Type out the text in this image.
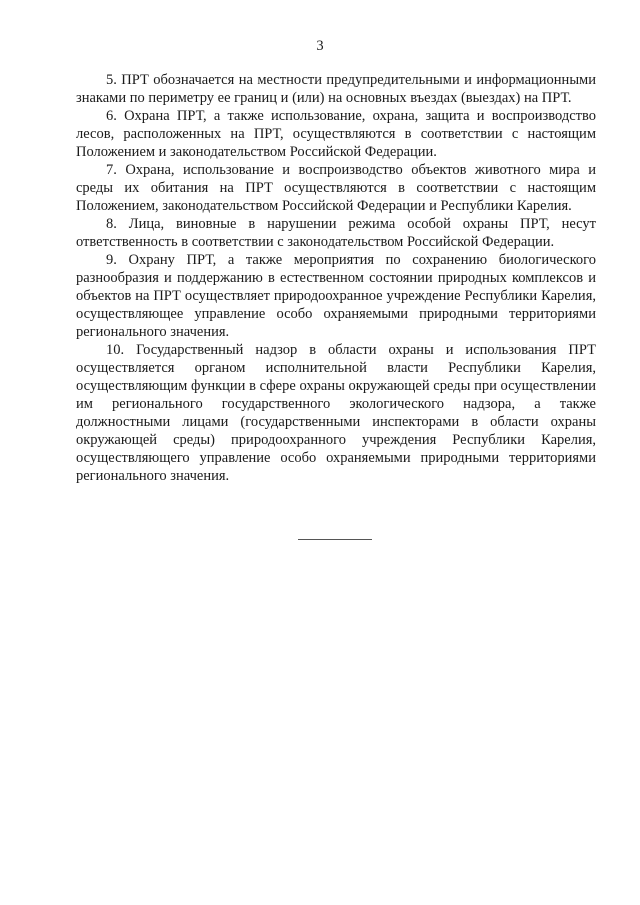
3

5. ПРТ обозначается на местности предупредительными и информационными знаками по периметру ее границ и (или) на основных въездах (выездах) на ПРТ.

6. Охрана ПРТ, а также использование, охрана, защита и воспроизводство лесов, расположенных на ПРТ, осуществляются в соответствии с настоящим Положением и законодательством Российской Федерации.

7. Охрана, использование и воспроизводство объектов животного мира и среды их обитания на ПРТ осуществляются в соответствии с настоящим Положением, законодательством Российской Федерации и Республики Карелия.

8. Лица, виновные в нарушении режима особой охраны ПРТ, несут ответственность в соответствии с законодательством Российской Федерации.

9. Охрану ПРТ, а также мероприятия по сохранению биологического разнообразия и поддержанию в естественном состоянии природных комплексов и объектов на ПРТ осуществляет природоохранное учреждение Республики Карелия, осуществляющее управление особо охраняемыми природными территориями регионального значения.

10. Государственный надзор в области охраны и использования ПРТ осуществляется органом исполнительной власти Республики Карелия, осуществляющим функции в сфере охраны окружающей среды при осуществлении им регионального государственного экологического надзора, а также должностными лицами (государственными инспекторами в области охраны окружающей среды) природоохранного учреждения Республики Карелия, осуществляющего управление особо охраняемыми природными территориями регионального значения.
